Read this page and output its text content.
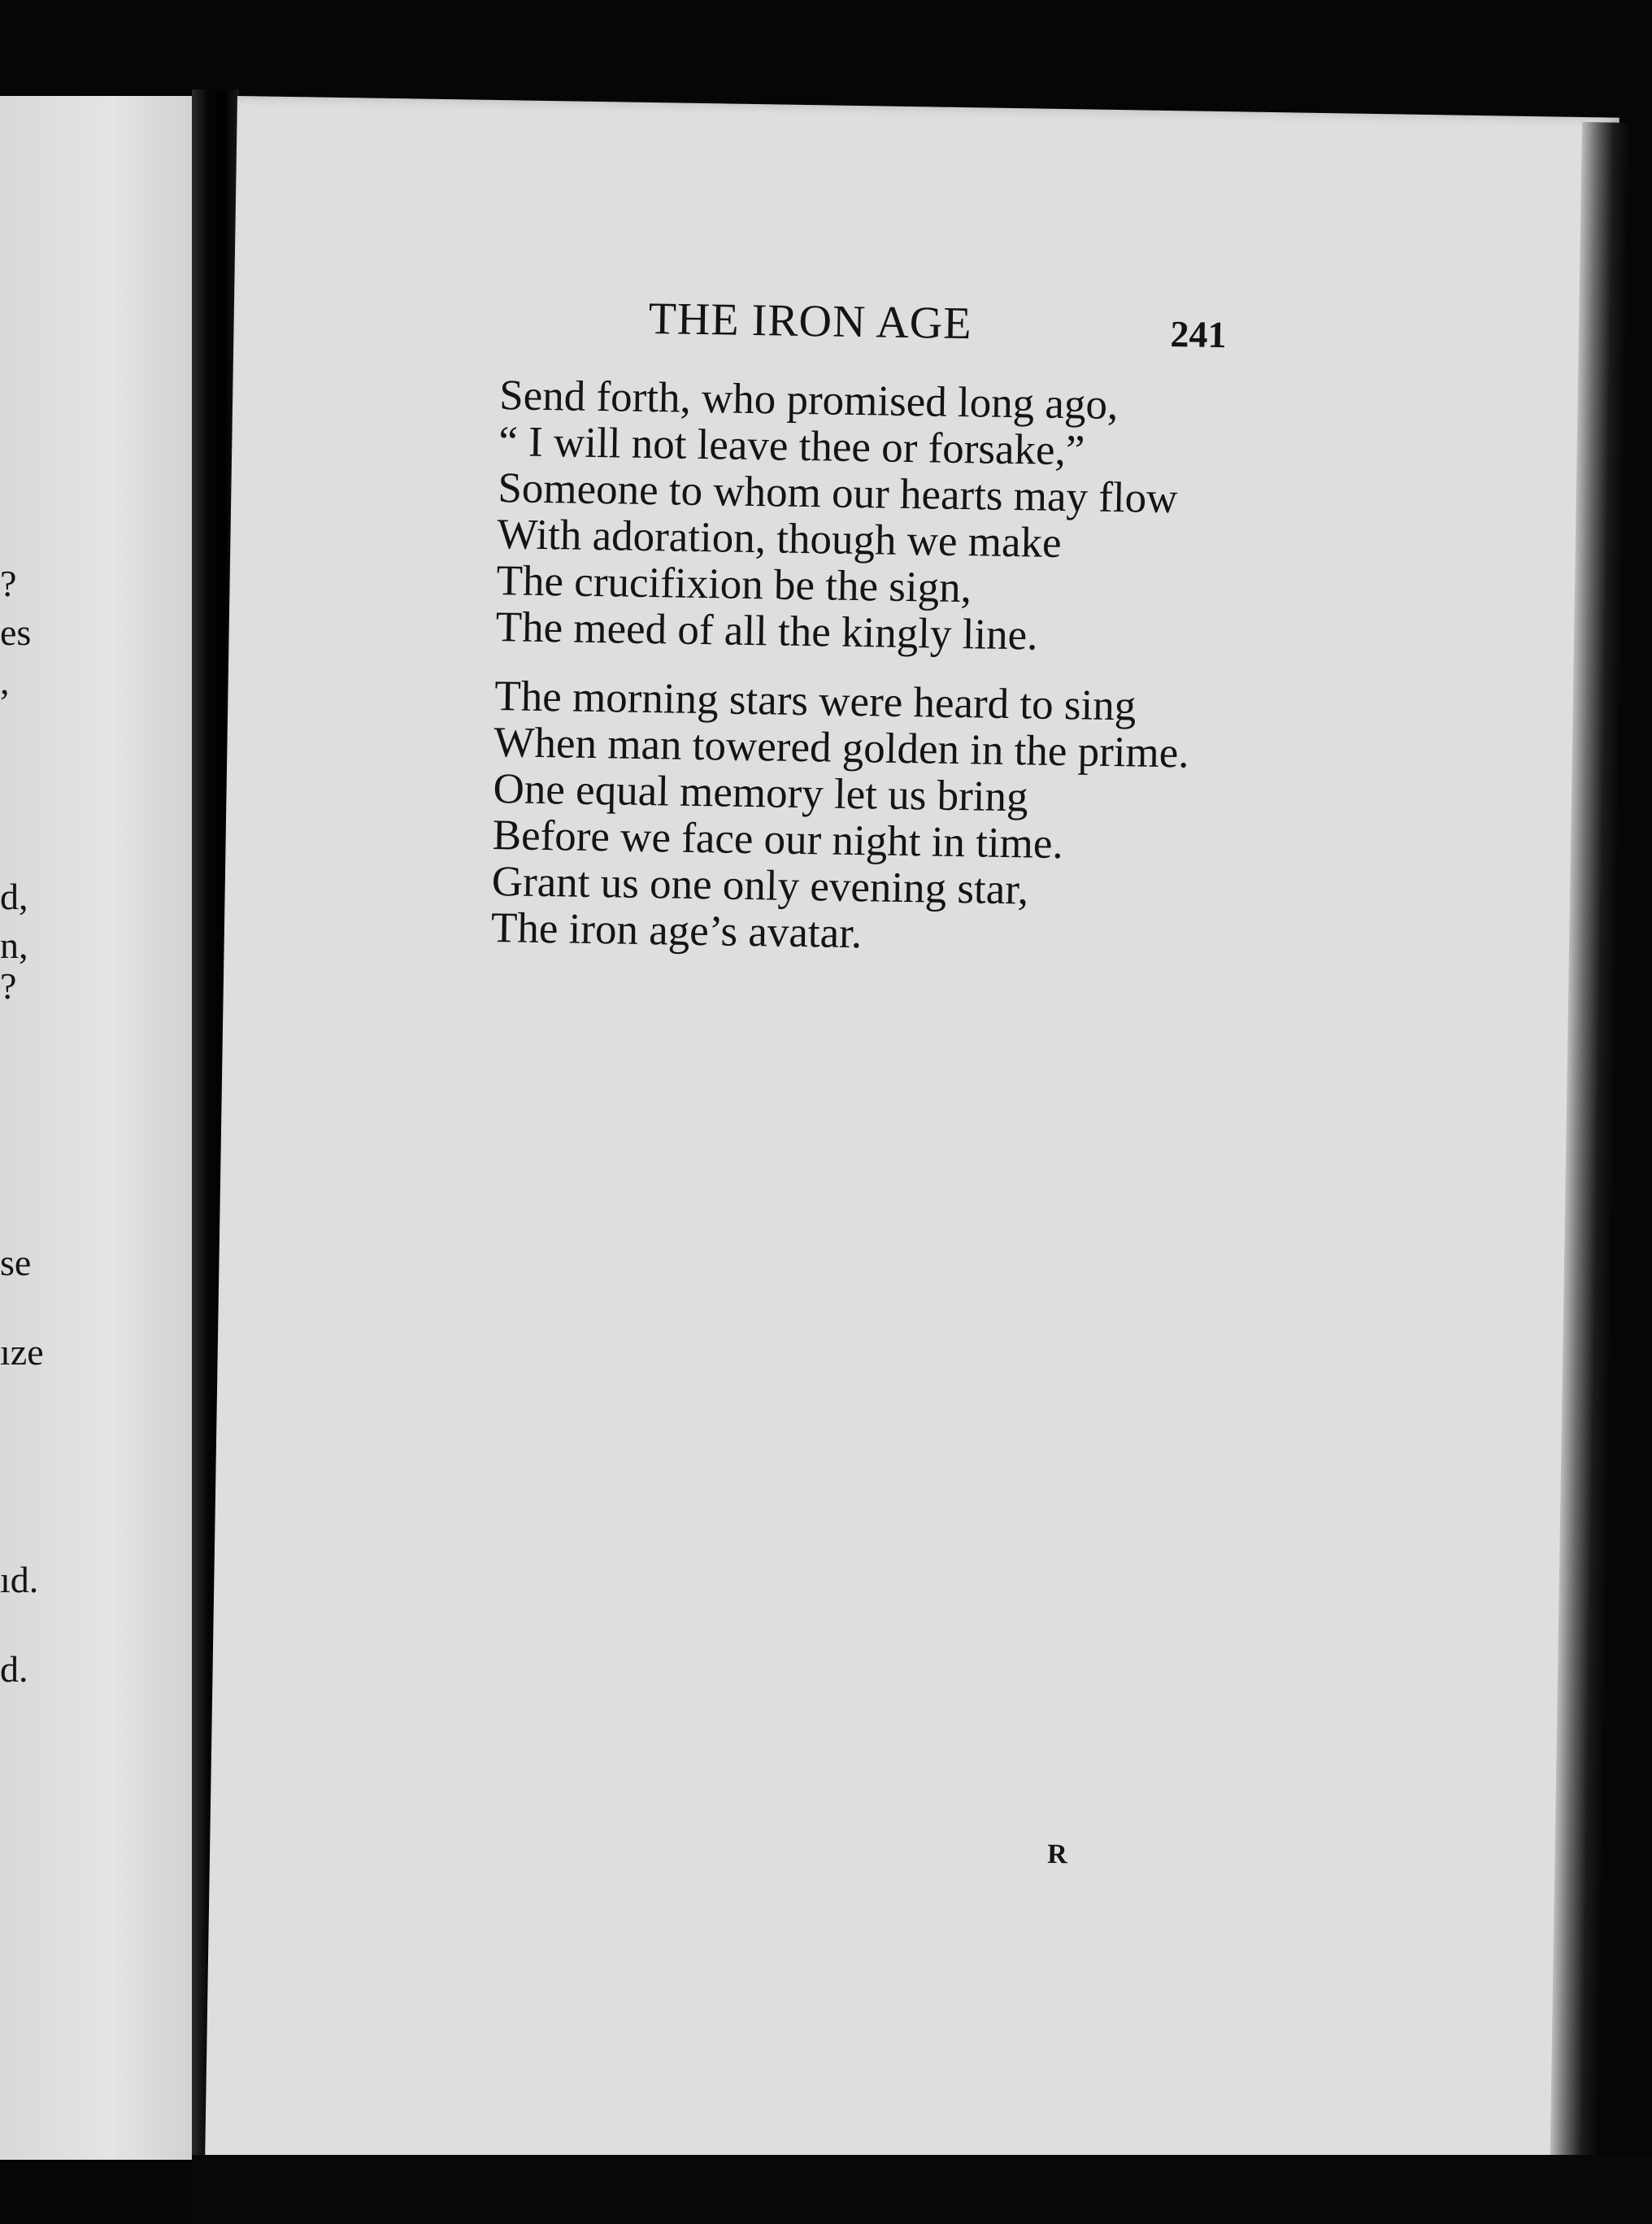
?
es
,
d,
n,
?
se
ıze
ıd.
d.
THE IRON AGE	241
Send forth, who promised long ago,
“ I will not leave thee or forsake,”
Someone to whom our hearts may flow
With adoration, though we make
The crucifixion be the sign,
The meed of all the kingly line.
The morning stars were heard to sing
When man towered golden in the prime.
One equal memory let us bring
Before we face our night in time.
Grant us one only evening star,
The iron age’s avatar.
R
